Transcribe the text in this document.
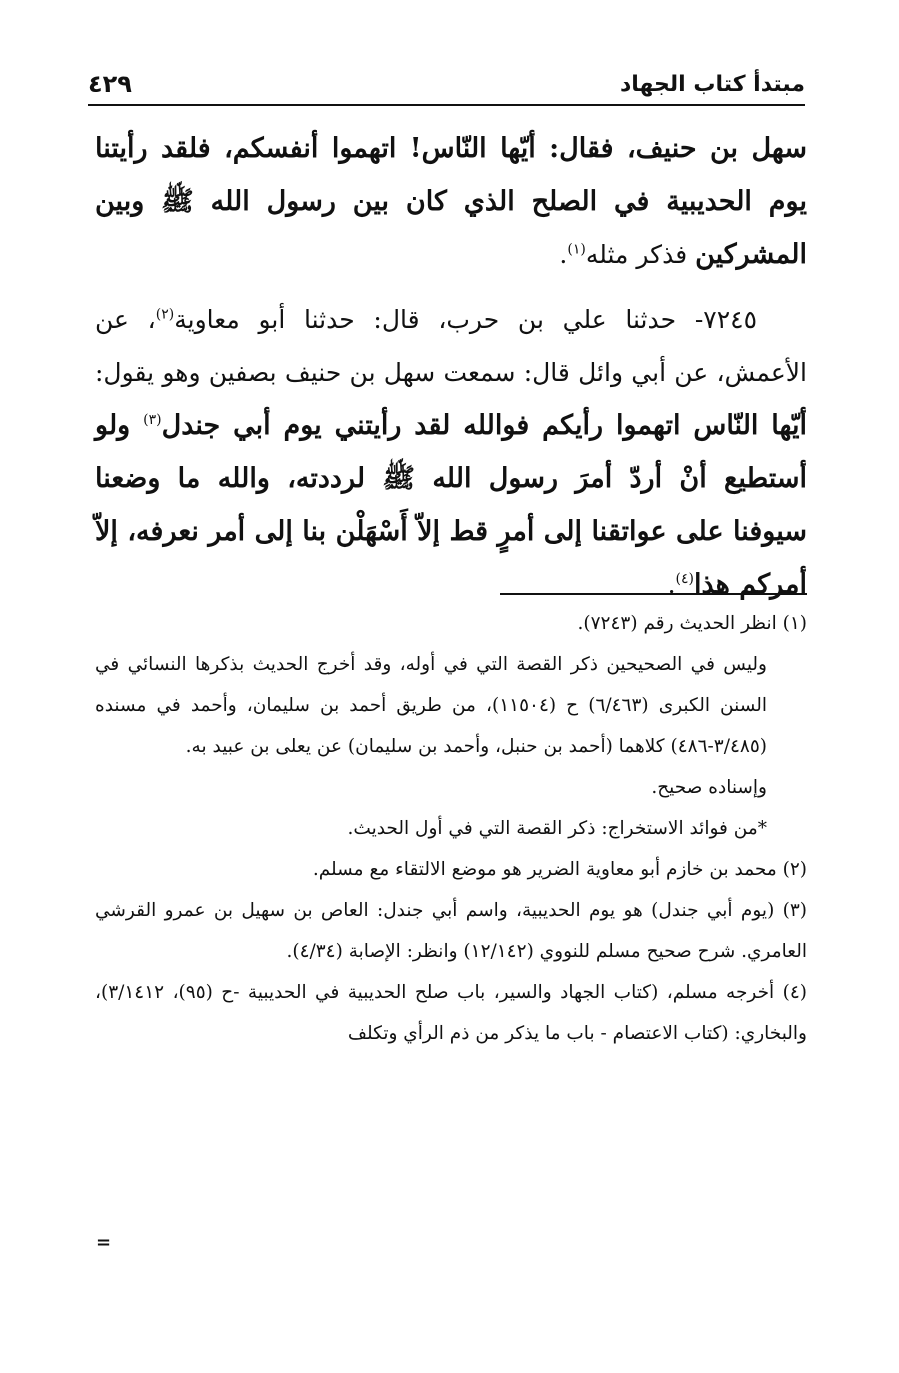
٤٢٩	مبتدأ كتاب الجهاد

سهل بن حنيف، فقال: أيّها النّاس! اتهموا أنفسكم، فلقد رأيتنا يوم الحديبية في الصلح الذي كان بين رسول الله ﷺ وبين المشركين فذكر مثله$^{(١)}$.

٧٢٤٥- حدثنا علي بن حرب، قال: حدثنا أبو معاوية$^{(٢)}$، عن الأعمش، عن أبي وائل قال: سمعت سهل بن حنيف بصفين وهو يقول: أيّها النّاس اتهموا رأيكم فوالله لقد رأيتني يوم أبي جندل$^{(٣)}$ ولو أستطيع أنْ أردّ أمرَ رسول الله ﷺ لرددته، والله ما وضعنا سيوفنا على عواتقنا إلى أمرٍ قط إلاّ أَسْهَلْن بنا إلى أمر نعرفه، إلاّ أمركم هذا$^{(٤)}$.

(١) انظر الحديث رقم (٧٢٤٣).

وليس في الصحيحين ذكر القصة التي في أوله، وقد أخرج الحديث بذكرها النسائي في السنن الكبرى (٦/٤٦٣) ح (١١٥٠٤)، من طريق أحمد بن سليمان، وأحمد في مسنده (٣/٤٨٥-٤٨٦) كلاهما (أحمد بن حنبل، وأحمد بن سليمان) عن يعلى بن عبيد به.

وإسناده صحيح.

*من فوائد الاستخراج: ذكر القصة التي في أول الحديث.

(٢) محمد بن خازم أبو معاوية الضرير هو موضع الالتقاء مع مسلم.

(٣) (يوم أبي جندل) هو يوم الحديبية، واسم أبي جندل: العاص بن سهيل بن عمرو القرشي العامري. شرح صحيح مسلم للنووي (١٢/١٤٢) وانظر: الإصابة (٤/٣٤).

(٤) أخرجه مسلم، (كتاب الجهاد والسير، باب صلح الحديبية في الحديبية -ح (٩٥)، ٣/١٤١٢)، والبخاري: (كتاب الاعتصام - باب ما يذكر من ذم الرأي وتكلف

=
